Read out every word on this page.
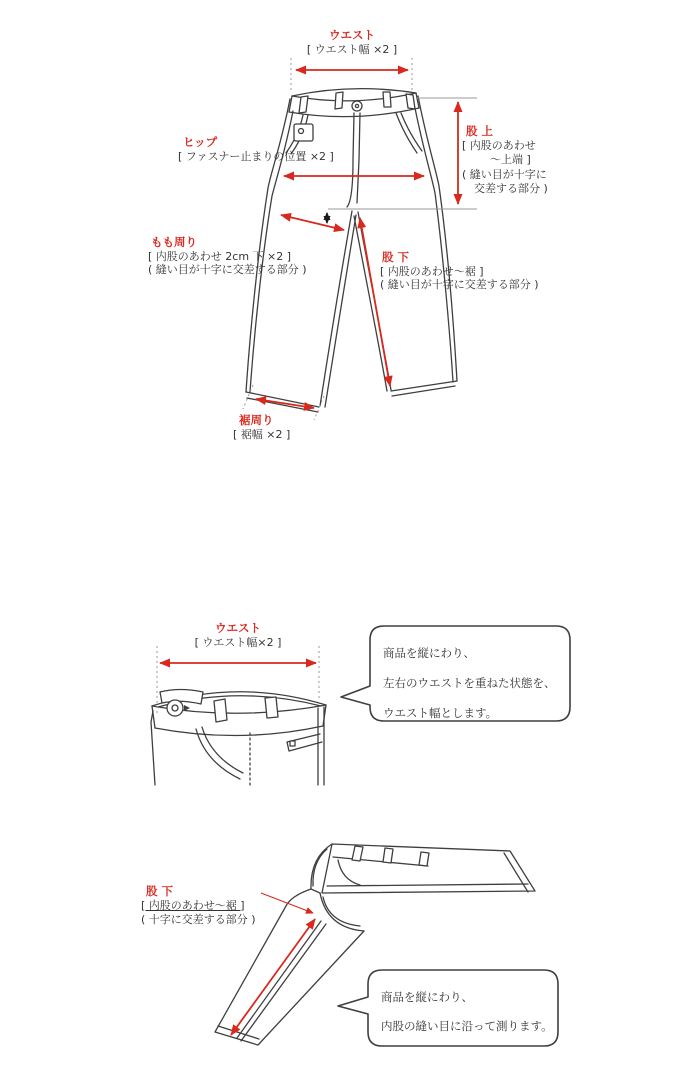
ウエスト
[ ウエスト幅 ×2 ]
ヒップ
[ ファスナー止まりの位置 ×2 ]
股 上
[ 内股のあわせ
〜上端 ]
( 縫い目が十字に
交差する部分 )
もも周り
[ 内股のあわせ 2cm 下 ×2 ]
( 縫い目が十字に交差する部分 )
股 下
[ 内股のあわせ〜裾 ]
( 縫い目が十字に交差する部分 )
裾周り
[ 裾幅 ×2 ]
ウエスト
[ ウエスト幅×2 ]
商品を縦にわり、
左右のウエストを重ねた状態を、
ウエスト幅とします。
股 下
[ 内股のあわせ〜裾 ]
( 十字に交差する部分 )
商品を縦にわり、
内股の縫い目に沿って測ります。
